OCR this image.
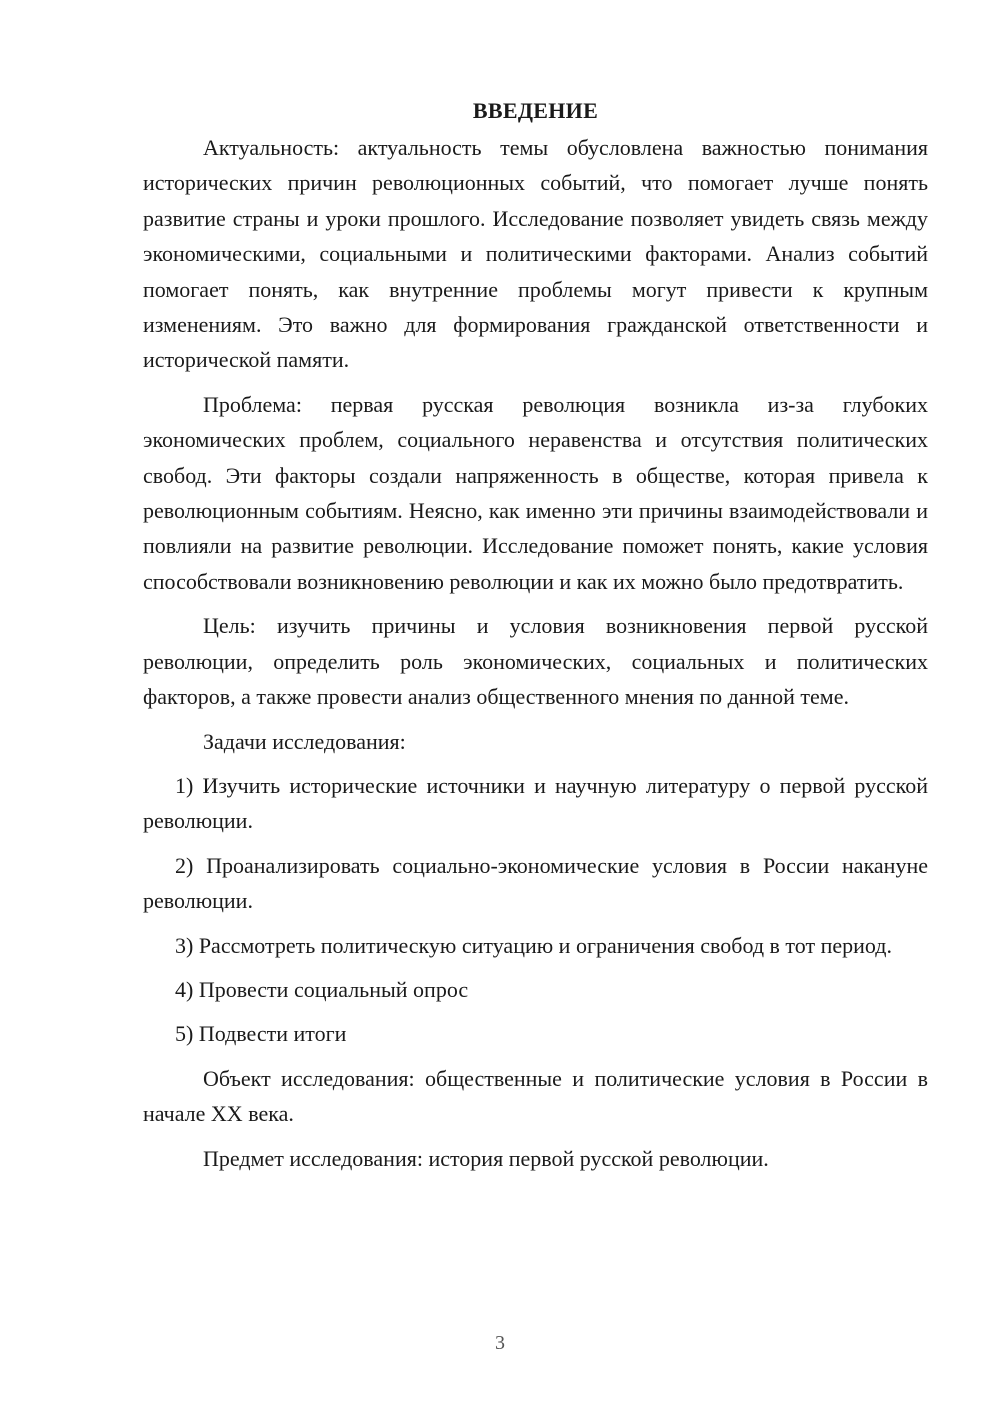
ВВЕДЕНИЕ

Актуальность: актуальность темы обусловлена важностью понимания исторических причин революционных событий, что помогает лучше понять развитие страны и уроки прошлого. Исследование позволяет увидеть связь между экономическими, социальными и политическими факторами. Анализ событий помогает понять, как внутренние проблемы могут привести к крупным изменениям. Это важно для формирования гражданской ответственности и исторической памяти.

Проблема: первая русская революция возникла из-за глубоких экономических проблем, социального неравенства и отсутствия политических свобод. Эти факторы создали напряженность в обществе, которая привела к революционным событиям. Неясно, как именно эти причины взаимодействовали и повлияли на развитие революции. Исследование поможет понять, какие условия способствовали возникновению революции и как их можно было предотвратить.

Цель: изучить причины и условия возникновения первой русской революции, определить роль экономических, социальных и политических факторов, а также провести анализ общественного мнения по данной теме.

Задачи исследования:

1) Изучить исторические источники и научную литературу о первой русской революции.

2) Проанализировать социально-экономические условия в России накануне революции.

3) Рассмотреть политическую ситуацию и ограничения свобод в тот период.

4) Провести социальный опрос

5) Подвести итоги

Объект исследования: общественные и политические условия в России в начале XX века.

Предмет исследования: история первой русской революции.

3
